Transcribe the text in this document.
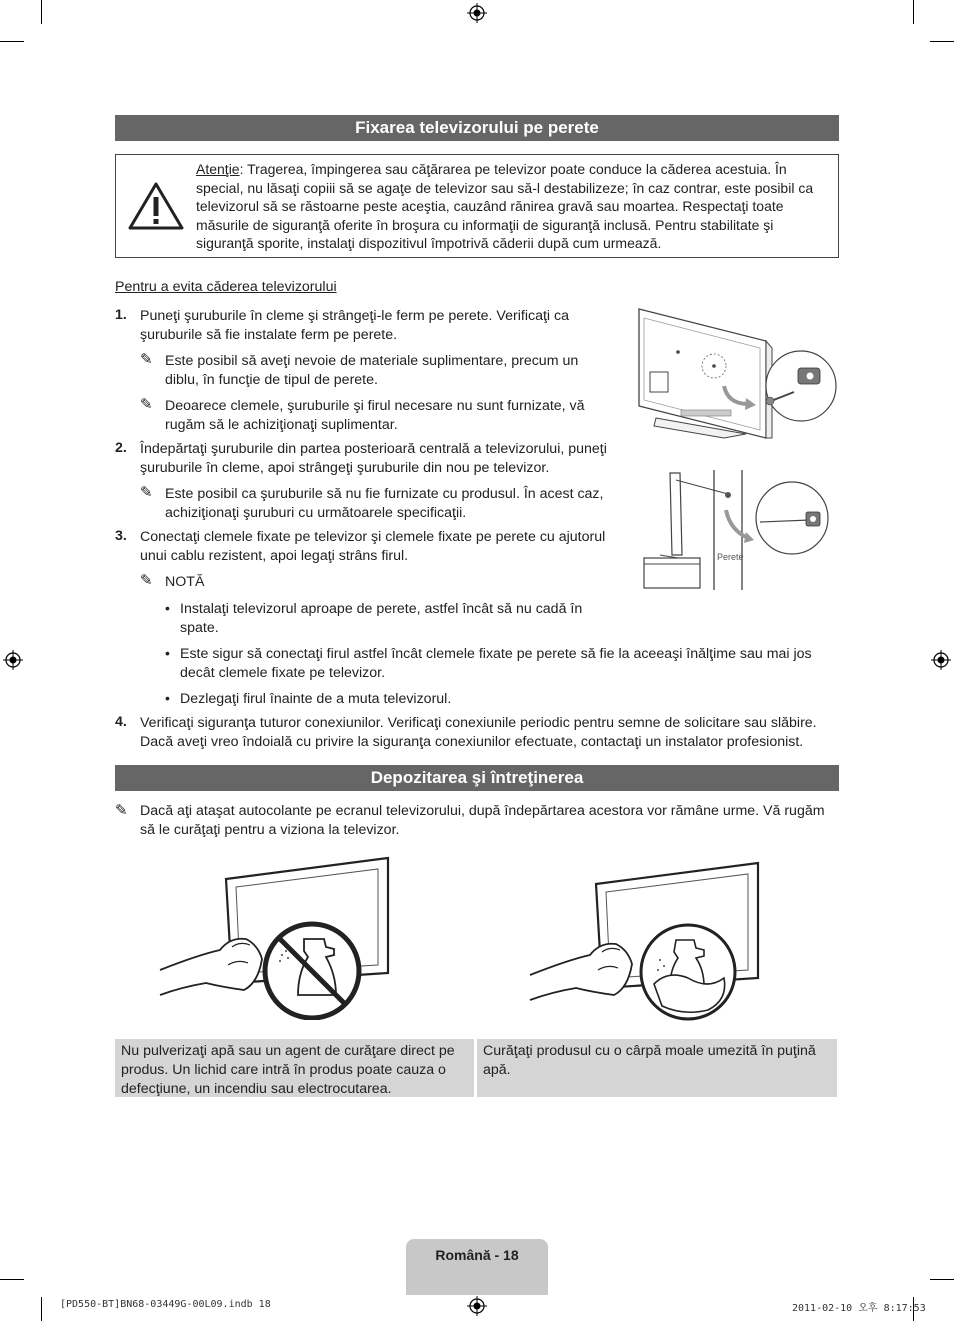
Fixarea televizorului pe perete
Atenţie: Tragerea, împingerea sau căţărarea pe televizor poate conduce la căderea acestuia. În special, nu lăsaţi copiii să se agaţe de televizor sau să-l destabilizeze; în caz contrar, este posibil ca televizorul să se răstoarne peste aceştia, cauzând rănirea gravă sau moartea. Respectaţi toate măsurile de siguranţă oferite în broşura cu informaţii de siguranţă inclusă. Pentru stabilitate şi siguranţă sporite, instalaţi dispozitivul împotrivă căderii după cum urmează.
Pentru a evita căderea televizorului
1. Puneţi şuruburile în cleme şi strângeţi-le ferm pe perete. Verificaţi ca şuruburile să fie instalate ferm pe perete.
✎ Este posibil să aveţi nevoie de materiale suplimentare, precum un diblu, în funcţie de tipul de perete.
✎ Deoarece clemele, şuruburile şi firul necesare nu sunt furnizate, vă rugăm să le achiziţionaţi suplimentar.
2. Îndepărtaţi şuruburile din partea posterioară centrală a televizorului, puneţi şuruburile în cleme, apoi strângeţi şuruburile din nou pe televizor.
✎ Este posibil ca şuruburile să nu fie furnizate cu produsul. În acest caz, achiziţionaţi şuruburi cu următoarele specificaţii.
3. Conectaţi clemele fixate pe televizor şi clemele fixate pe perete cu ajutorul unui cablu rezistent, apoi legaţi strâns firul.
✎ NOTĂ
• Instalaţi televizorul aproape de perete, astfel încât să nu cadă în spate.
• Este sigur să conectaţi firul astfel încât clemele fixate pe perete să fie la aceeaşi înălţime sau mai jos decât clemele fixate pe televizor.
• Dezlegaţi firul înainte de a muta televizorul.
4. Verificaţi siguranţa tuturor conexiunilor. Verificaţi conexiunile periodic pentru semne de solicitare sau slăbire. Dacă aveţi vreo îndoială cu privire la siguranţa conexiunilor efectuate, contactaţi un instalator profesionist.
Perete
Depozitarea şi întreţinerea
✎ Dacă aţi ataşat autocolante pe ecranul televizorului, după îndepărtarea acestora vor rămâne urme. Vă rugăm să le curăţaţi pentru a viziona la televizor.
Nu pulverizaţi apă sau un agent de curăţare direct pe produs. Un lichid care intră în produs poate cauza o defecţiune, un incendiu sau electrocutarea.
Curăţaţi produsul cu o cârpă moale umezită în puţină apă.
Română - 18
[PD550-BT]BN68-03449G-00L09.indb 18	2011-02-10 오후 8:17:53
